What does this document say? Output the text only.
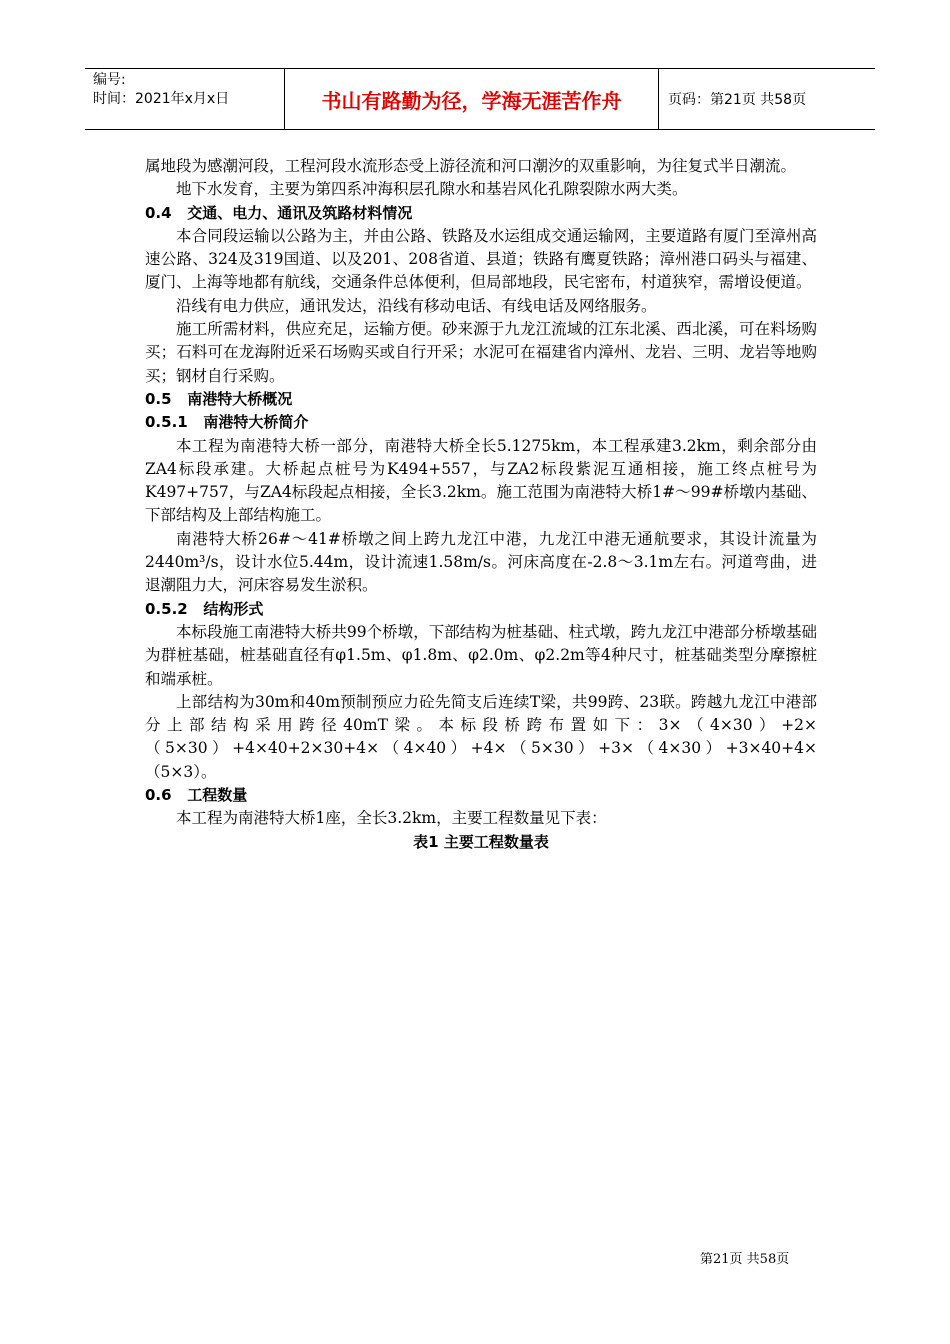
编号:
时间：2021年x月x日	书山有路勤为径，学海无涯苦作舟	页码：第21页 共58页

属地段为感潮河段，工程河段水流形态受上游径流和河口潮汐的双重影响，为往复式半日潮流。

地下水发育，主要为第四系冲海积层孔隙水和基岩风化孔隙裂隙水两大类。

0.4   交通、电力、通讯及筑路材料情况

本合同段运输以公路为主，并由公路、铁路及水运组成交通运输网，主要道路有厦门至漳州高速公路、324及319国道、以及201、208省道、县道；铁路有鹰夏铁路；漳州港口码头与福建、厦门、上海等地都有航线，交通条件总体便利，但局部地段，民宅密布，村道狭窄，需增设便道。

沿线有电力供应，通讯发达，沿线有移动电话、有线电话及网络服务。

施工所需材料，供应充足，运输方便。砂来源于九龙江流域的江东北溪、西北溪，可在料场购买；石料可在龙海附近采石场购买或自行开采；水泥可在福建省内漳州、龙岩、三明、龙岩等地购买；钢材自行采购。

0.5   南港特大桥概况

0.5.1   南港特大桥简介

本工程为南港特大桥一部分，南港特大桥全长5.1275km，本工程承建3.2km，剩余部分由ZA4标段承建。大桥起点桩号为K494+557，与ZA2标段紫泥互通相接，施工终点桩号为K497+757，与ZA4标段起点相接，全长3.2km。施工范围为南港特大桥1#～99#桥墩内基础、下部结构及上部结构施工。

南港特大桥26#～41#桥墩之间上跨九龙江中港，九龙江中港无通航要求，其设计流量为2440m³/s，设计水位5.44m，设计流速1.58m/s。河床高度在-2.8～3.1m左右。河道弯曲，进退潮阻力大，河床容易发生淤积。

0.5.2   结构形式

本标段施工南港特大桥共99个桥墩，下部结构为桩基础、柱式墩，跨九龙江中港部分桥墩基础为群桩基础，桩基础直径有φ1.5m、φ1.8m、φ2.0m、φ2.2m等4种尺寸，桩基础类型分摩擦桩和端承桩。

上部结构为30m和40m预制预应力砼先简支后连续T梁，共99跨、23联。跨越九龙江中港部分上部结构采用跨径40mT梁。本标段桥跨布置如下：3×（4×30）+2×（5×30）+4×40+2×30+4×（4×40）+4×（5×30）+3×（4×30）+3×40+4×（5×3）。

0.6   工程数量

本工程为南港特大桥1座，全长3.2km，主要工程数量见下表：

表1 主要工程数量表

第21页 共58页
